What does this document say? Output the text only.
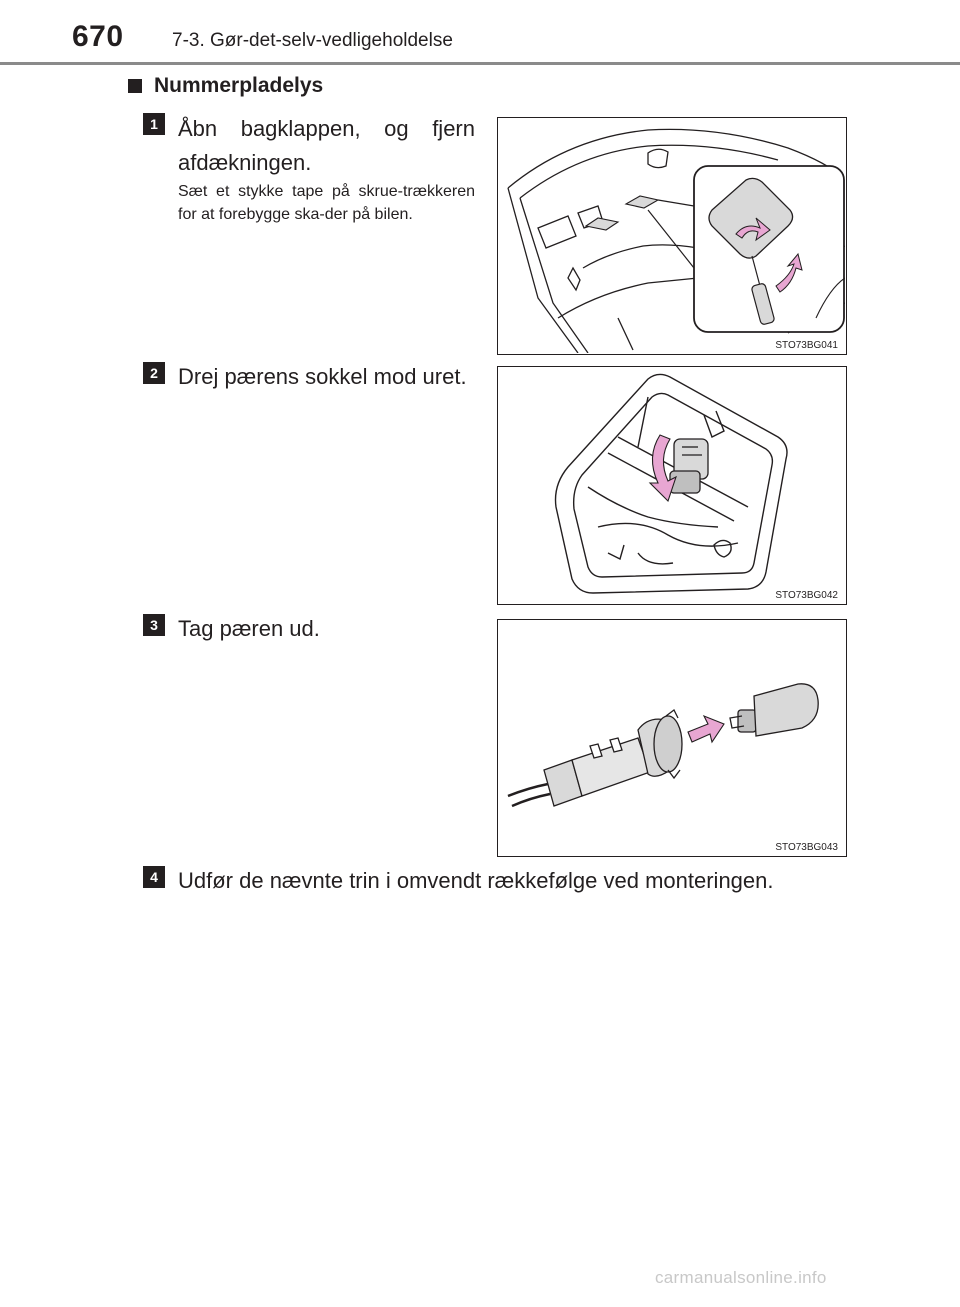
670	7-3. Gør-det-selv-vedligeholdelse
Nummerpladelys
1 Åbn bagklappen, og fjern afdækningen.
Sæt et stykke tape på skrue-trækkeren for at forebygge ska-der på bilen.
STO73BG041
2 Drej pærens sokkel mod uret.
STO73BG042
3 Tag pæren ud.
STO73BG043
4 Udfør de nævnte trin i omvendt rækkefølge ved monteringen.
carmanualsonline.info
